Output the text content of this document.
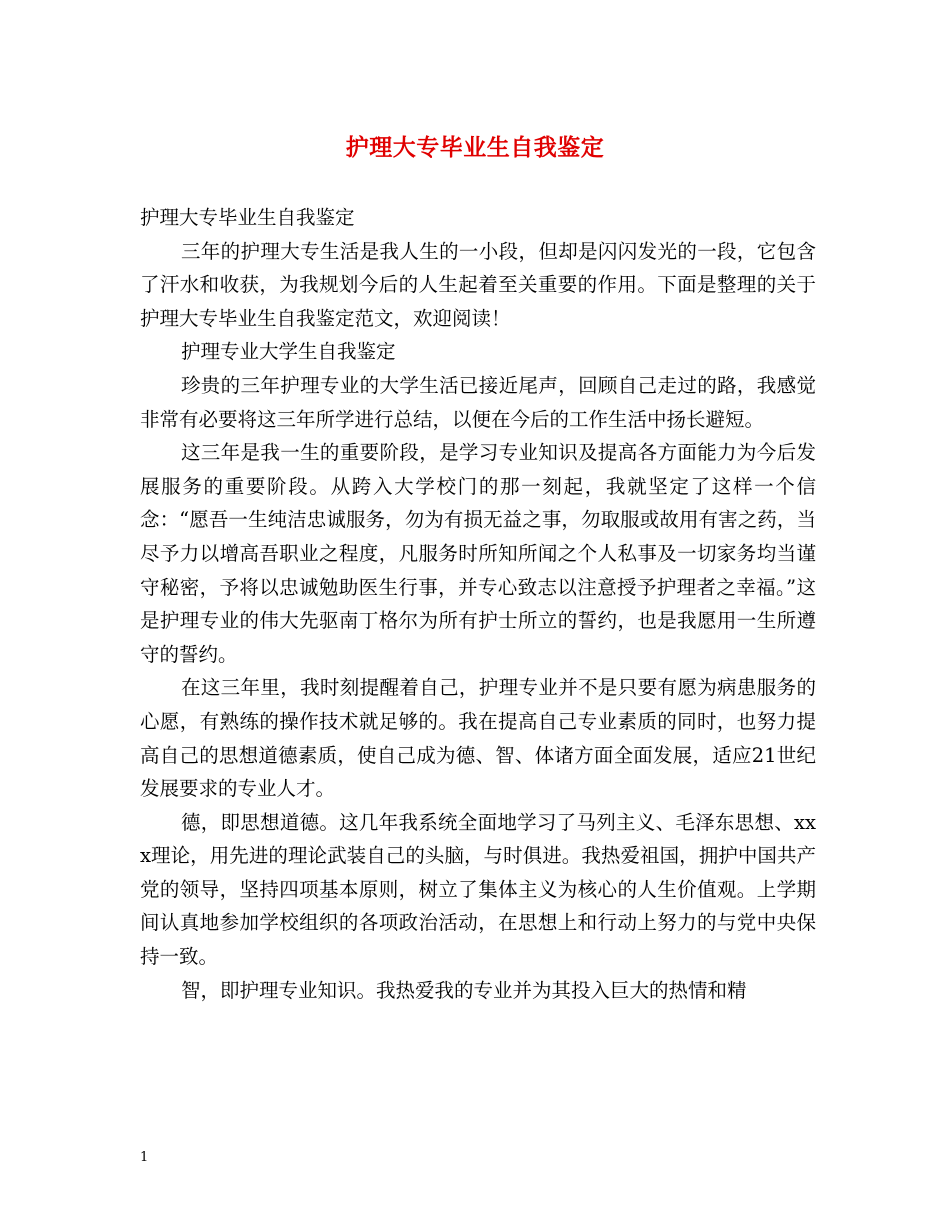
护理大专毕业生自我鉴定

护理大专毕业生自我鉴定

三年的护理大专生活是我人生的一小段，但却是闪闪发光的一段，它包含了汗水和收获，为我规划今后的人生起着至关重要的作用。下面是整理的关于护理大专毕业生自我鉴定范文，欢迎阅读！

护理专业大学生自我鉴定

珍贵的三年护理专业的大学生活已接近尾声，回顾自己走过的路，我感觉非常有必要将这三年所学进行总结，以便在今后的工作生活中扬长避短。

这三年是我一生的重要阶段，是学习专业知识及提高各方面能力为今后发展服务的重要阶段。从跨入大学校门的那一刻起，我就坚定了这样一个信念：“愿吾一生纯洁忠诚服务，勿为有损无益之事，勿取服或故用有害之药，当尽予力以增高吾职业之程度，凡服务时所知所闻之个人私事及一切家务均当谨守秘密，予将以忠诚勉助医生行事，并专心致志以注意授予护理者之幸福。”这是护理专业的伟大先驱南丁格尔为所有护士所立的誓约，也是我愿用一生所遵守的誓约。

在这三年里，我时刻提醒着自己，护理专业并不是只要有愿为病患服务的心愿，有熟练的操作技术就足够的。我在提高自己专业素质的同时，也努力提高自己的思想道德素质，使自己成为德、智、体诸方面全面发展，适应21世纪发展要求的专业人才。

德，即思想道德。这几年我系统全面地学习了马列主义、毛泽东思想、xxx理论，用先进的理论武装自己的头脑，与时俱进。我热爱祖国，拥护中国共产党的领导，坚持四项基本原则，树立了集体主义为核心的人生价值观。上学期间认真地参加学校组织的各项政治活动，在思想上和行动上努力的与党中央保持一致。

智，即护理专业知识。我热爱我的专业并为其投入巨大的热情和精

1
